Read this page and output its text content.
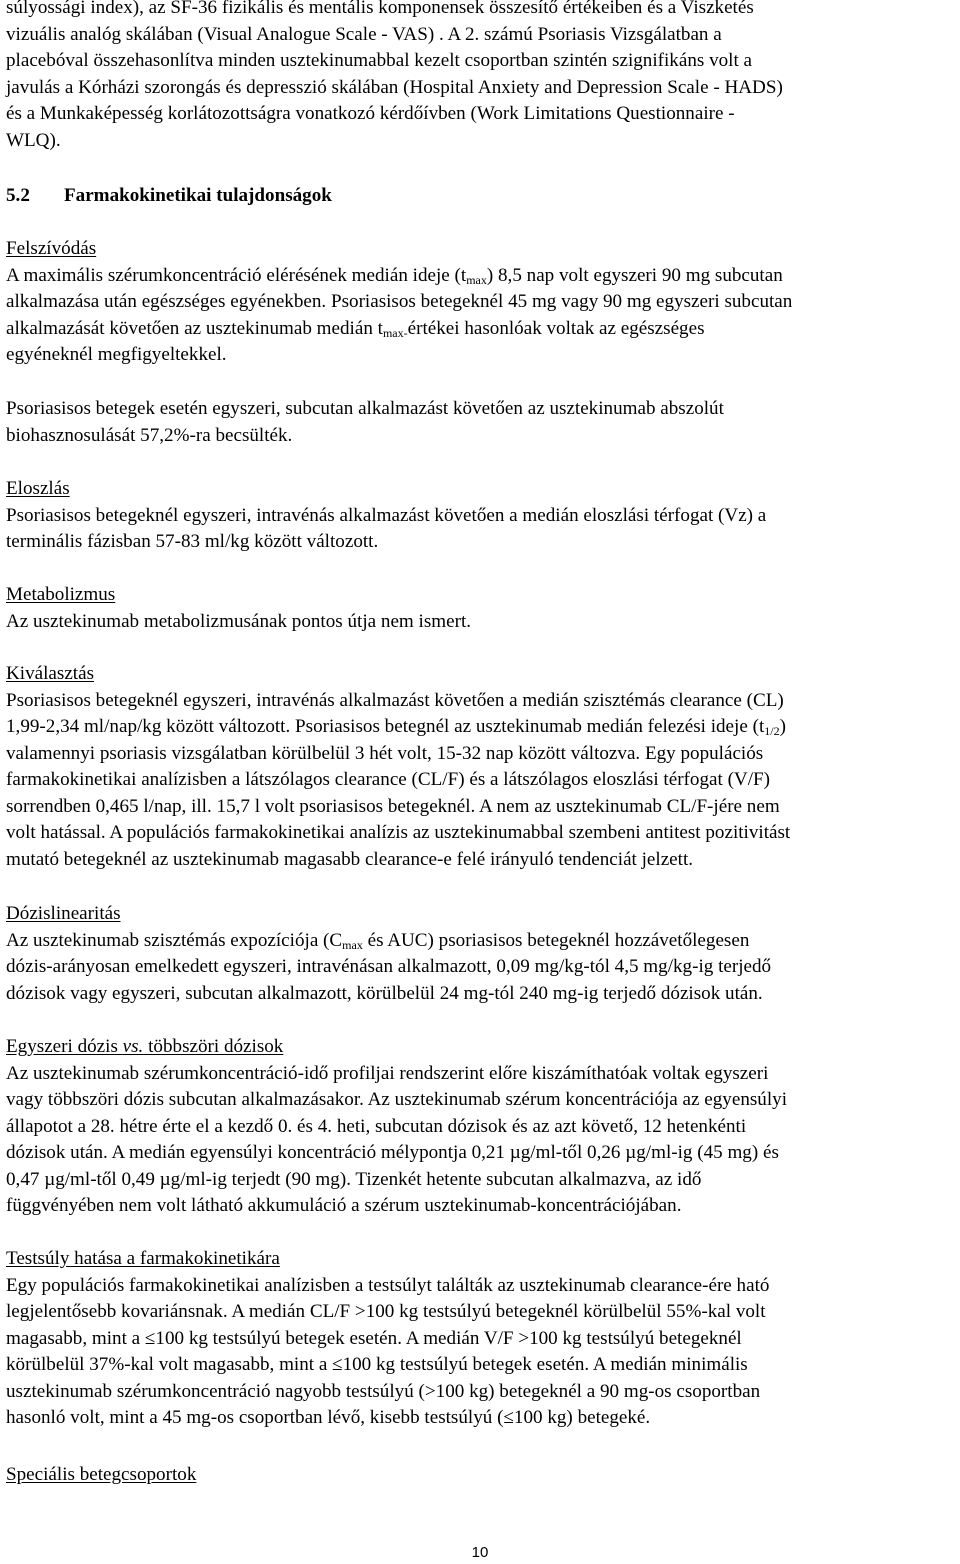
súlyossági index), az SF-36 fizikális és mentális komponensek összesítő értékeiben és a Viszketés

vizuális analóg skálában (Visual Analogue Scale - VAS) . A 2. számú Psoriasis Vizsgálatban a

placebóval összehasonlítva minden usztekinumabbal kezelt csoportban szintén szignifikáns volt a

javulás a Kórházi szorongás és depresszió skálában (Hospital Anxiety and Depression Scale - HADS)

és a Munkaképesség korlátozottságra vonatkozó kérdőívben (Work Limitations Questionnaire -

WLQ).

5.2 Farmakokinetikai tulajdonságok

Felszívódás

A maximális szérumkoncentráció elérésének medián ideje $(t_{max})$ 8,5 nap volt egyszeri 90 mg subcutan

alkalmazása után egészséges egyénekben. Psoriasisos betegeknél 45 mg vagy 90 mg egyszeri subcutan

alkalmazását követően az usztekinumab medián $t_{max-}értékei$ hasonlóak voltak az egészséges

egyéneknél megfigyeltekkel.

Psoriasisos betegek esetén egyszeri, subcutan alkalmazást követően az usztekinumab abszolút

biohasznosulását 57,2%-ra becsülték.

Eloszlás

Psoriasisos betegeknél egyszeri, intravénás alkalmazást követően a medián eloszlási térfogat (Vz) a

terminális fázisban 57-83 ml/kg között változott.

Metabolizmus

Az usztekinumab metabolizmusának pontos útja nem ismert.

Kiválasztás

Psoriasisos betegeknél egyszeri, intravénás alkalmazást követően a medián szisztémás clearance (CL)

1,99-2,34 ml/nap/kg között változott. Psoriasisos betegnél az usztekinumab medián felezési ideje $(t_{1/2})$

valamennyi psoriasis vizsgálatban körülbelül 3 hét volt, 15-32 nap között változva. Egy populációs

farmakokinetikai analízisben a látszólagos clearance (CL/F) és a látszólagos eloszlási térfogat (V/F)

sorrendben 0,465 l/nap, ill. 15,7 l volt psoriasisos betegeknél. A nem az usztekinumab CL/F-jére nem

volt hatással. A populációs farmakokinetikai analízis az usztekinumabbal szembeni antitest pozitivitást

mutató betegeknél az usztekinumab magasabb clearance-e felé irányuló tendenciát jelzett.

Dózislinearitás

Az usztekinumab szisztémás expozíciója ($C_{max}$ és AUC) psoriasisos betegeknél hozzávetőlegesen

dózis-arányosan emelkedett egyszeri, intravénásan alkalmazott, 0,09 mg/kg-tól 4,5 mg/kg-ig terjedő

dózisok vagy egyszeri, subcutan alkalmazott, körülbelül 24 mg-tól 240 mg-ig terjedő dózisok után.

Egyszeri dózis vs. többszöri dózisok

Az usztekinumab szérumkoncentráció-idő profiljai rendszerint előre kiszámíthatóak voltak egyszeri

vagy többszöri dózis subcutan alkalmazásakor. Az usztekinumab szérum koncentrációja az egyensúlyi

állapotot a 28. hétre érte el a kezdő 0. és 4. heti, subcutan dózisok és az azt követő, 12 hetenkénti

dózisok után. A medián egyensúlyi koncentráció mélypontja 0,21 µg/ml-től 0,26 µg/ml-ig (45 mg) és

0,47 µg/ml-től 0,49 µg/ml-ig terjedt (90 mg). Tizenkét hetente subcutan alkalmazva, az idő

függvényében nem volt látható akkumuláció a szérum usztekinumab-koncentrációjában.

Testsúly hatása a farmakokinetikára

Egy populációs farmakokinetikai analízisben a testsúlyt találták az usztekinumab clearance-ére ható

legjelentősebb kovariánsnak. A medián CL/F >100 kg testsúlyú betegeknél körülbelül 55%-kal volt

magasabb, mint a ≤100 kg testsúlyú betegek esetén. A medián V/F >100 kg testsúlyú betegeknél

körülbelül 37%-kal volt magasabb, mint a ≤100 kg testsúlyú betegek esetén. A medián minimális

usztekinumab szérumkoncentráció nagyobb testsúlyú (>100 kg) betegeknél a 90 mg-os csoportban

hasonló volt, mint a 45 mg-os csoportban lévő, kisebb testsúlyú (≤100 kg) betegeké.

Speciális betegcsoportok

10
